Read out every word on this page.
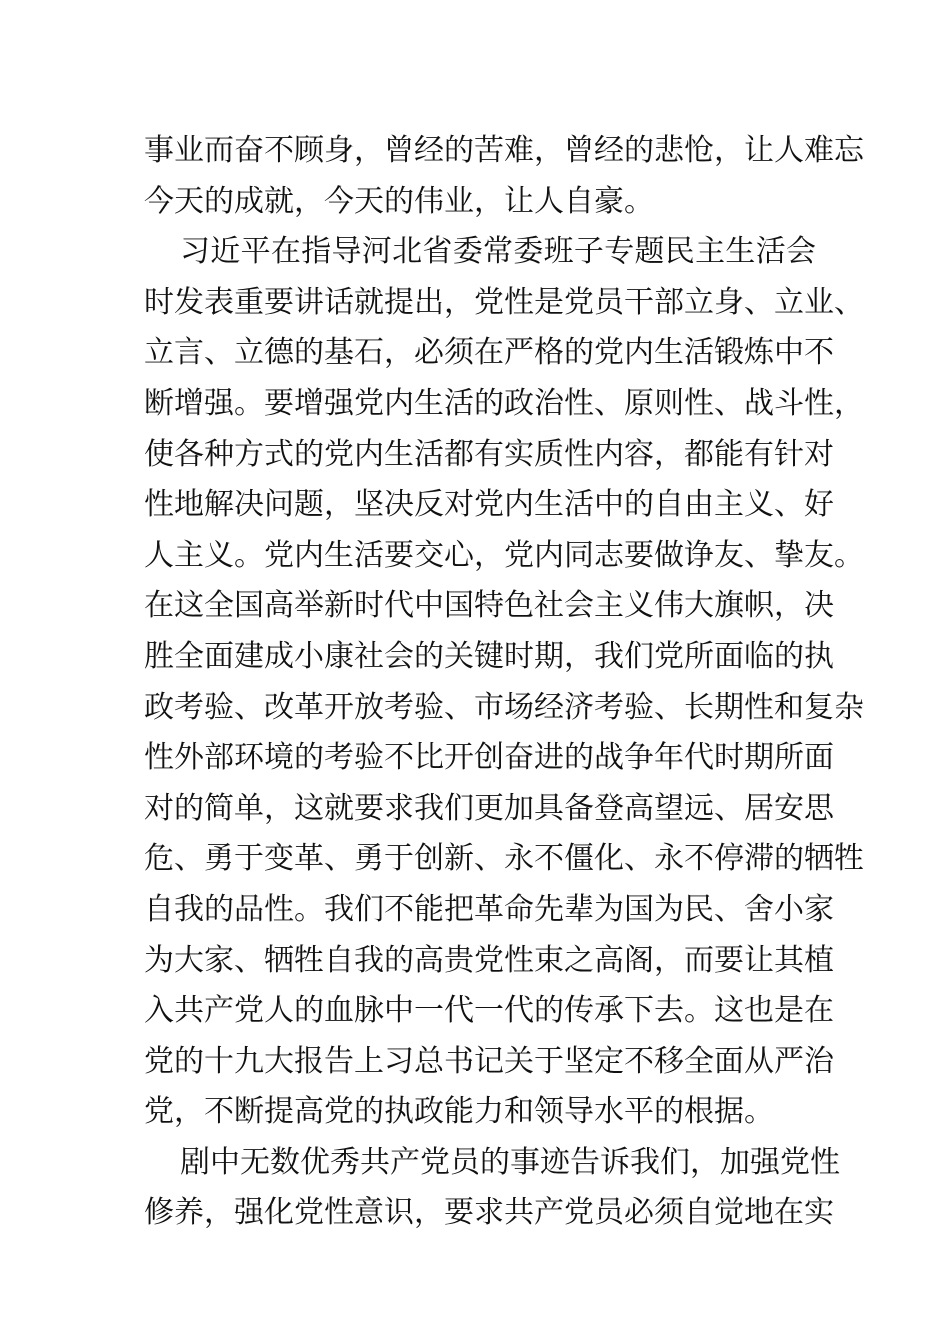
事业而奋不顾身，曾经的苦难，曾经的悲怆，让人难忘
今天的成就，今天的伟业，让人自豪。
习近平在指导河北省委常委班子专题民主生活会
时发表重要讲话就提出，党性是党员干部立身、立业、
立言、立德的基石，必须在严格的党内生活锻炼中不
断增强。要增强党内生活的政治性、原则性、战斗性，
使各种方式的党内生活都有实质性内容，都能有针对
性地解决问题，坚决反对党内生活中的自由主义、好
人主义。党内生活要交心，党内同志要做诤友、挚友。
在这全国高举新时代中国特色社会主义伟大旗帜，决
胜全面建成小康社会的关键时期，我们党所面临的执
政考验、改革开放考验、市场经济考验、长期性和复杂
性外部环境的考验不比开创奋进的战争年代时期所面
对的简单，这就要求我们更加具备登高望远、居安思
危、勇于变革、勇于创新、永不僵化、永不停滞的牺牲
自我的品性。我们不能把革命先辈为国为民、舍小家
为大家、牺牲自我的高贵党性束之高阁，而要让其植
入共产党人的血脉中一代一代的传承下去。这也是在
党的十九大报告上习总书记关于坚定不移全面从严治
党，不断提高党的执政能力和领导水平的根据。
剧中无数优秀共产党员的事迹告诉我们，加强党性
修养，强化党性意识，要求共产党员必须自觉地在实
